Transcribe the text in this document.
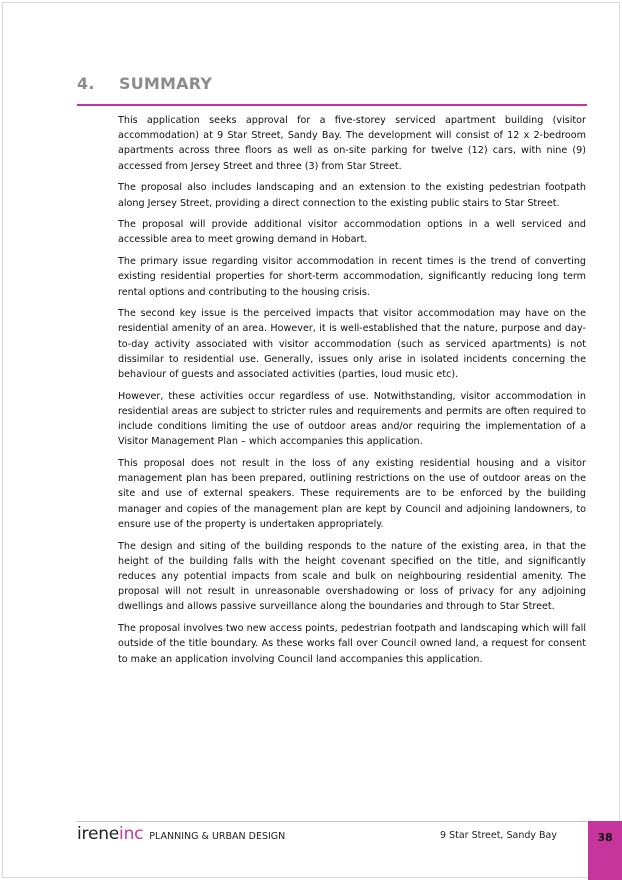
4.	SUMMARY

This application seeks approval for a five-storey serviced apartment building (visitor accommodation) at 9 Star Street, Sandy Bay. The development will consist of 12 x 2-bedroom apartments across three floors as well as on-site parking for twelve (12) cars, with nine (9) accessed from Jersey Street and three (3) from Star Street.

The proposal also includes landscaping and an extension to the existing pedestrian footpath along Jersey Street, providing a direct connection to the existing public stairs to Star Street.

The proposal will provide additional visitor accommodation options in a well serviced and accessible area to meet growing demand in Hobart.

The primary issue regarding visitor accommodation in recent times is the trend of converting existing residential properties for short-term accommodation, significantly reducing long term rental options and contributing to the housing crisis.

The second key issue is the perceived impacts that visitor accommodation may have on the residential amenity of an area. However, it is well-established that the nature, purpose and day-to-day activity associated with visitor accommodation (such as serviced apartments) is not dissimilar to residential use. Generally, issues only arise in isolated incidents concerning the behaviour of guests and associated activities (parties, loud music etc).

However, these activities occur regardless of use. Notwithstanding, visitor accommodation in residential areas are subject to stricter rules and requirements and permits are often required to include conditions limiting the use of outdoor areas and/or requiring the implementation of a Visitor Management Plan – which accompanies this application.

This proposal does not result in the loss of any existing residential housing and a visitor management plan has been prepared, outlining restrictions on the use of outdoor areas on the site and use of external speakers. These requirements are to be enforced by the building manager and copies of the management plan are kept by Council and adjoining landowners, to ensure use of the property is undertaken appropriately.

The design and siting of the building responds to the nature of the existing area, in that the height of the building falls with the height covenant specified on the title, and significantly reduces any potential impacts from scale and bulk on neighbouring residential amenity. The proposal will not result in unreasonable overshadowing or loss of privacy for any adjoining dwellings and allows passive surveillance along the boundaries and through to Star Street.

The proposal involves two new access points, pedestrian footpath and landscaping which will fall outside of the title boundary. As these works fall over Council owned land, a request for consent to make an application involving Council land accompanies this application.

ireneinc PLANNING & URBAN DESIGN	9 Star Street, Sandy Bay	38
